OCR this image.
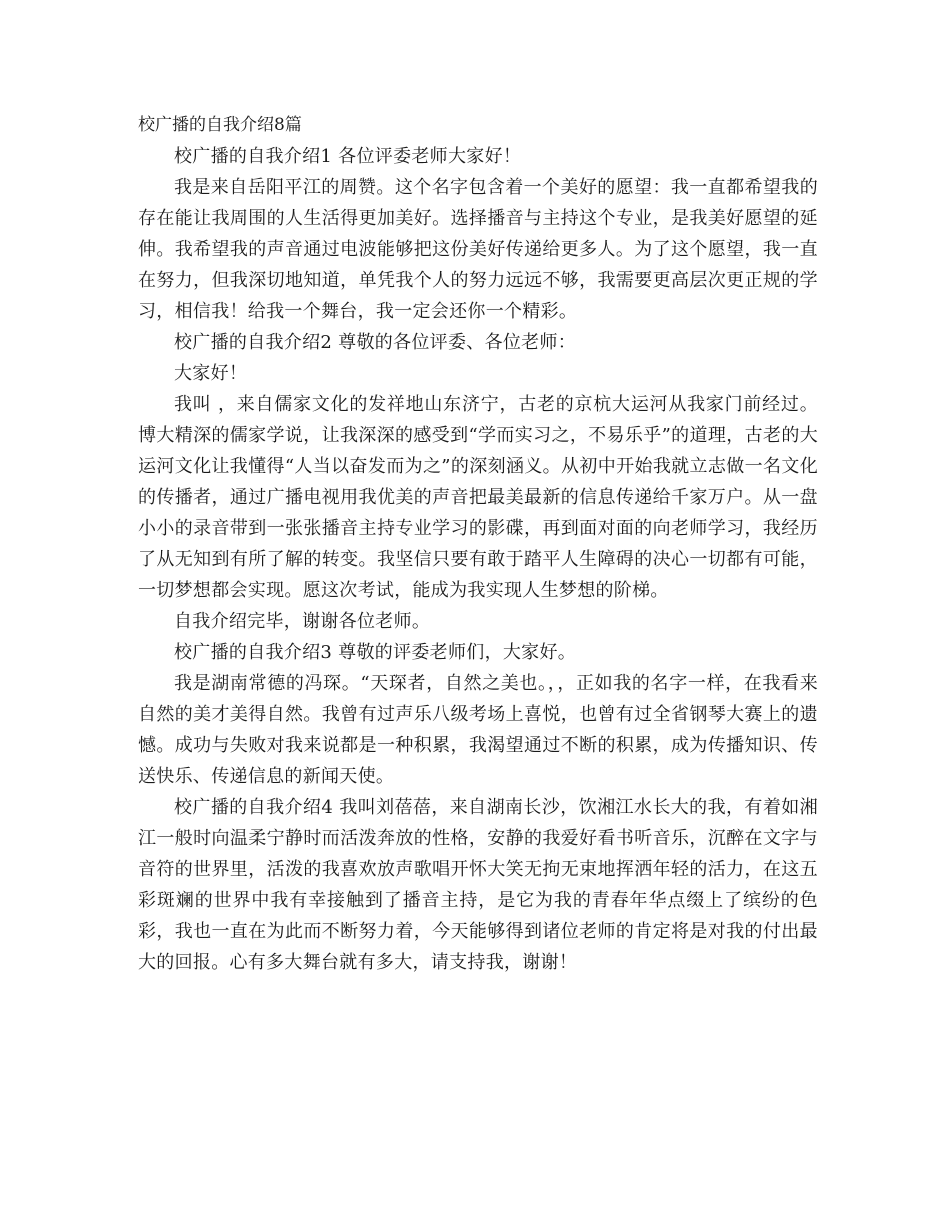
校广播的自我介绍8篇

校广播的自我介绍1 各位评委老师大家好！

我是来自岳阳平江的周赞。这个名字包含着一个美好的愿望：我一直都希望我的存在能让我周围的人生活得更加美好。选择播音与主持这个专业，是我美好愿望的延伸。我希望我的声音通过电波能够把这份美好传递给更多人。为了这个愿望，我一直在努力，但我深切地知道，单凭我个人的努力远远不够，我需要更高层次更正规的学习，相信我！给我一个舞台，我一定会还你一个精彩。

校广播的自我介绍2 尊敬的各位评委、各位老师：

大家好！

我叫 ，来自儒家文化的发祥地山东济宁，古老的京杭大运河从我家门前经过。博大精深的儒家学说，让我深深的感受到“学而实习之，不易乐乎”的道理，古老的大运河文化让我懂得“人当以奋发而为之”的深刻涵义。从初中开始我就立志做一名文化的传播者，通过广播电视用我优美的声音把最美最新的信息传递给千家万户。从一盘小小的录音带到一张张播音主持专业学习的影碟，再到面对面的向老师学习，我经历了从无知到有所了解的转变。我坚信只要有敢于踏平人生障碍的决心一切都有可能，一切梦想都会实现。愿这次考试，能成为我实现人生梦想的阶梯。

自我介绍完毕，谢谢各位老师。

校广播的自我介绍3 尊敬的评委老师们，大家好。

我是湖南常德的冯琛。“天琛者，自然之美也。，，正如我的名字一样，在我看来自然的美才美得自然。我曾有过声乐八级考场上喜悦，也曾有过全省钢琴大赛上的遗憾。成功与失败对我来说都是一种积累，我渴望通过不断的积累，成为传播知识、传送快乐、传递信息的新闻天使。

校广播的自我介绍4 我叫刘蓓蓓，来自湖南长沙，饮湘江水长大的我，有着如湘江一般时向温柔宁静时而活泼奔放的性格，安静的我爱好看书听音乐，沉醉在文字与音符的世界里，活泼的我喜欢放声歌唱开怀大笑无拘无束地挥洒年轻的活力，在这五彩斑斓的世界中我有幸接触到了播音主持，是它为我的青春年华点缀上了缤纷的色彩，我也一直在为此而不断努力着，今天能够得到诸位老师的肯定将是对我的付出最大的回报。心有多大舞台就有多大，请支持我，谢谢！
